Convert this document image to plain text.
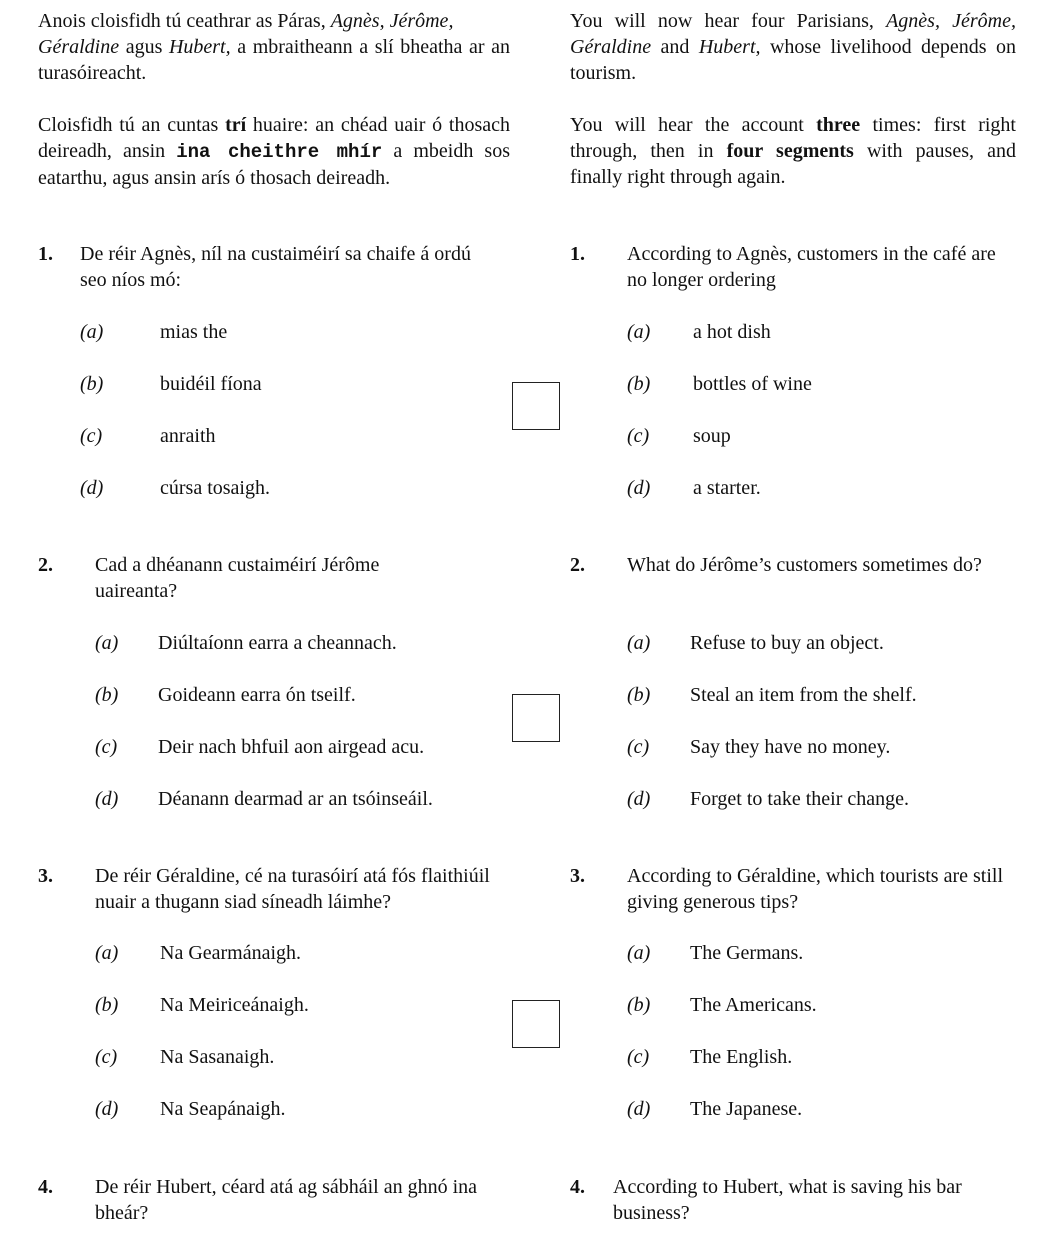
Anois cloisfidh tú ceathrar as Páras, Agnès, Jérôme,
Géraldine agus Hubert, a mbraitheann a slí bheatha ar an turasóireacht.
You will now hear four Parisians, Agnès, Jérôme, Géraldine and Hubert, whose livelihood depends on tourism.
Cloisfidh tú an cuntas trí huaire: an chéad uair ó thosach deireadh, ansin ina cheithre mhír a mbeidh sos eatarthu, agus ansin arís ó thosach deireadh.
You will hear the account three times: first right through, then in four segments with pauses, and finally right through again.
1. De réir Agnès, níl na custaiméirí sa chaife á ordú seo níos mó:
1. According to Agnès, customers in the café are no longer ordering
(a)	mias the	(a) a hot dish
(b)	buidéil fíona	(b) bottles of wine
(c)	anraith	(c) soup
(d)	cúrsa tosaigh.	(d) a starter.
2. Cad a dhéanann custaiméirí Jérôme uaireanta?
2. What do Jérôme’s customers sometimes do?
(a) Diúltaíonn earra a cheannach.	(a) Refuse to buy an object.
(b) Goideann earra ón tseilf.	(b) Steal an item from the shelf.
(c) Deir nach bhfuil aon airgead acu.	(c) Say they have no money.
(d) Déanann dearmad ar an tsóinseáil.	(d) Forget to take their change.
3. De réir Géraldine, cé na turasóirí atá fós flaithiúil nuair a thugann siad síneadh láimhe?
3. According to Géraldine, which tourists are still giving generous tips?
(a) Na Gearmánaigh.	(a) The Germans.
(b) Na Meiriceánaigh.	(b) The Americans.
(c) Na Sasanaigh.	(c) The English.
(d) Na Seapánaigh.	(d) The Japanese.
4. De réir Hubert, céard atá ag sábháil an ghnó ina bheár?
4. According to Hubert, what is saving his bar business?
